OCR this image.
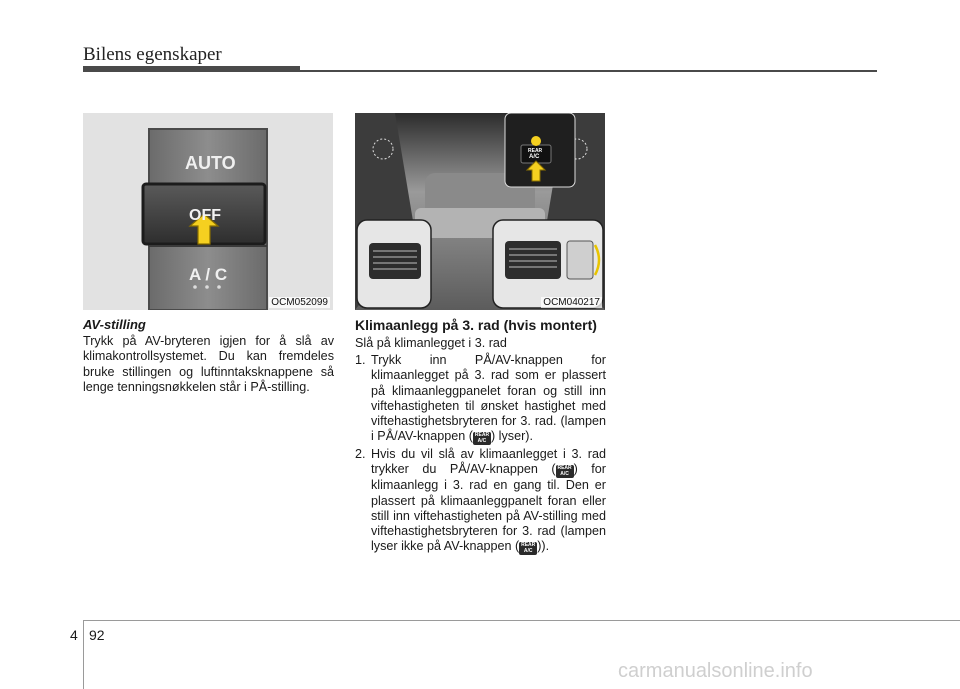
Bilens egenskaper
AUTO
OFF
A / C
OCM052099
REAR
A/C
OCM040217

AV-stilling

Trykk på AV-bryteren igjen for å slå av klimakontrollsystemet. Du kan fremdeles bruke stillingen og luftinntaksknappene så lenge tenningsnøkkelen står i PÅ-stilling.

Klimaanlegg på 3. rad (hvis montert)

Slå på klimanlegget i 3. rad

1. Trykk inn PÅ/AV-knappen for klimaanlegget på 3. rad som er plassert på klimaanleggpanelet foran og still inn viftehastigheten til ønsket hastighet med viftehastighetsbryteren for 3. rad. (lampen i PÅ/AV-knappen ( REAR
A/C ) lyser).
2. Hvis du vil slå av klimaanlegget i 3. rad trykker du PÅ/AV-knappen ( REAR
A/C ) for klimaanlegg i 3. rad en gang til. Den er plassert på klimaanleggpanelt foran eller still inn viftehastigheten på AV-stilling med viftehastighetsbryteren for 3. rad (lampen lyser ikke på AV-knappen ( REAR
A/C )).
4 92
carmanualsonline.info
